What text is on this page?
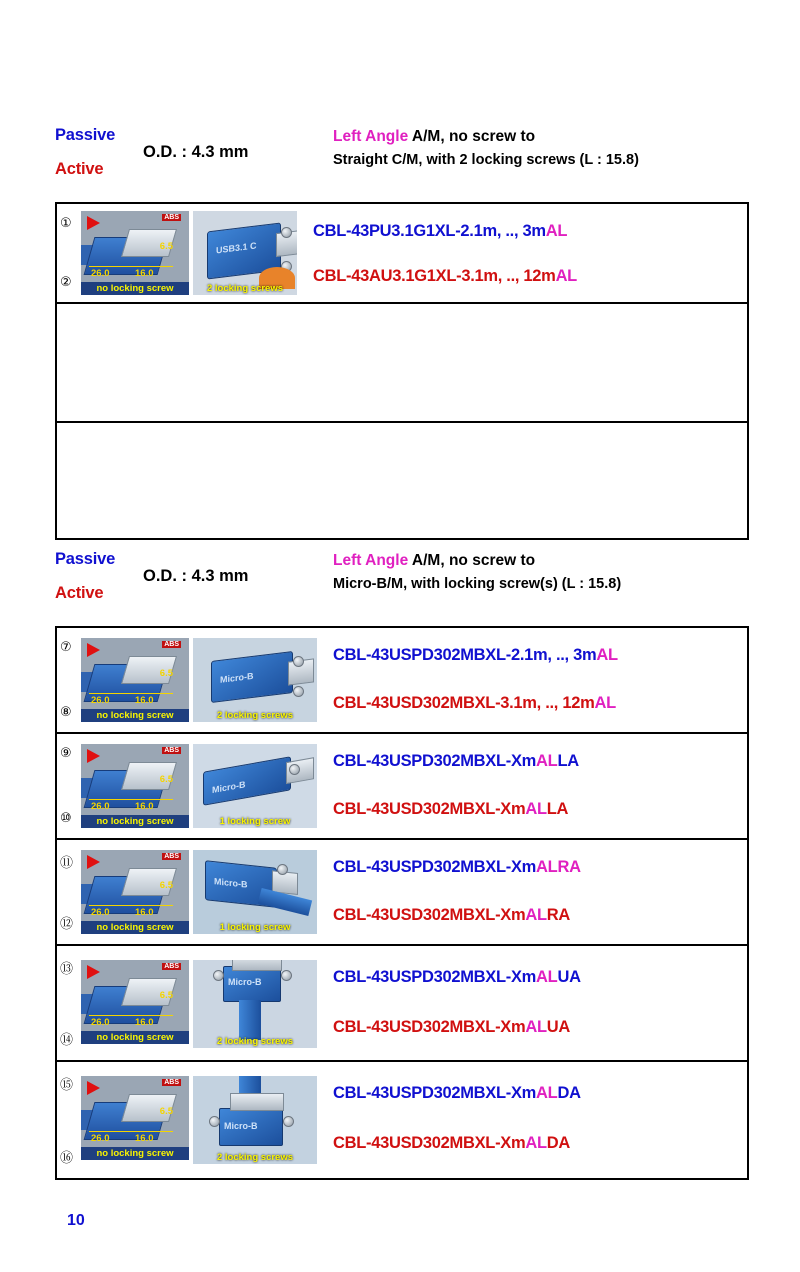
Passive
Active
O.D. : 4.3 mm
Left Angle A/M, no screw to
Straight C/M, with 2 locking screws (L : 15.8)
①
②
ABS
26.0	16.0
6.5
no locking screw
USB3.1 C
2 locking screws
CBL-43PU3.1G1XL-2.1m, .., 3mAL
CBL-43AU3.1G1XL-3.1m, .., 12mAL
Passive
Active
O.D. : 4.3 mm
Left Angle A/M, no screw to
Micro-B/M, with locking screw(s) (L : 15.8)
⑦
⑧
ABS
26.0	16.0
6.5
no locking screw
Micro-B
2 locking screws
CBL-43USPD302MBXL-2.1m, .., 3mAL
CBL-43USD302MBXL-3.1m, .., 12mAL
⑨
⑩
ABS
26.0	16.0
6.5
no locking screw
Micro-B
1 locking screw
CBL-43USPD302MBXL-XmALLA
CBL-43USD302MBXL-XmALLA
⑪
⑫
ABS
26.0	16.0
6.5
no locking screw
Micro-B
1 locking screw
CBL-43USPD302MBXL-XmALRA
CBL-43USD302MBXL-XmALRA
⑬
⑭
ABS
26.0	16.0
6.5
no locking screw
Micro-B
2 locking screws
CBL-43USPD302MBXL-XmALUA
CBL-43USD302MBXL-XmALUA
⑮
⑯
ABS
26.0	16.0
6.5
no locking screw
Micro-B
2 locking screws
CBL-43USPD302MBXL-XmALDA
CBL-43USD302MBXL-XmALDA
10
